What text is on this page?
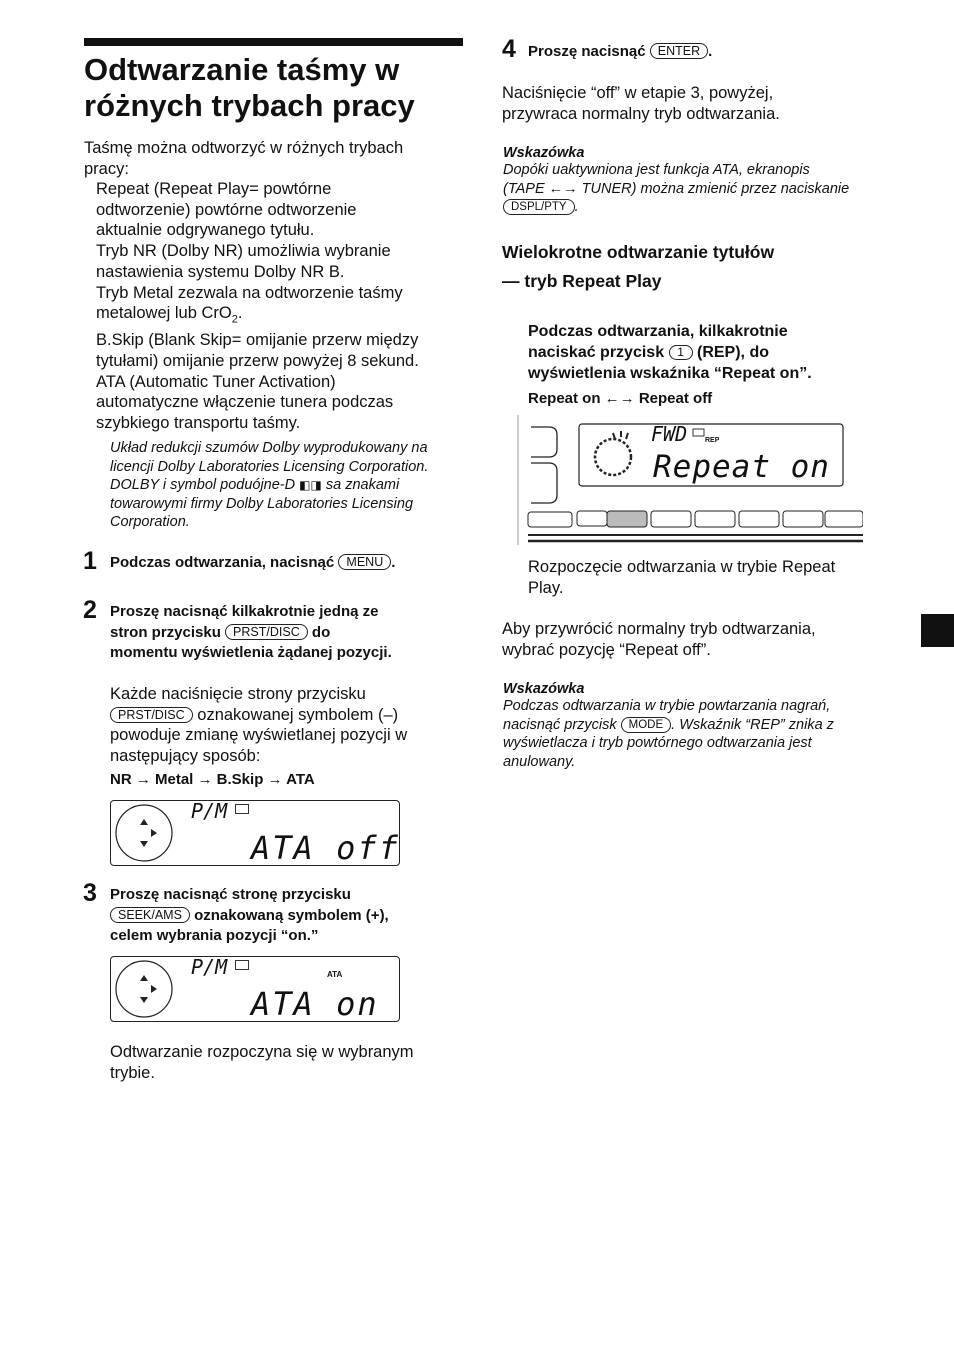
Odtwarzanie taśmy w
różnych trybach pracy
Taśmę można odtworzyć w różnych trybach
pracy:
Repeat (Repeat Play= powtórne
odtworzenie) powtórne odtworzenie
aktualnie odgrywanego tytułu.
Tryb NR (Dolby NR) umożliwia wybranie
nastawienia systemu Dolby NR B.
Tryb Metal zezwala na odtworzenie taśmy
metalowej lub CrO$_2$.
B.Skip (Blank Skip= omijanie przerw między
tytułami) omijanie przerw powyżej 8 sekund.
ATA (Automatic Tuner Activation)
automatyczne włączenie tunera podczas
szybkiego transportu taśmy.
Układ redukcji szumów Dolby wyprodukowany na
licencji Dolby Laboratories Licensing Corporation.
DOLBY i symbol poduójne-D ◧◨ sa znakami
towarowymi firmy Dolby Laboratories Licensing
Corporation.
1 Podczas odtwarzania, nacisnąć MENU .
2 Proszę nacisnąć kilkakrotnie jedną ze
stron przycisku PRST/DISC do
momentu wyświetlenia żądanej pozycji.
Każde naciśnięcie strony przycisku
PRST/DISC oznakowanej symbolem (–)
powoduje zmianę wyświetlanej pozycji w
następujący sposób:
NR → Metal → B.Skip → ATA
P/M
ATA off
3 Proszę nacisnąć stronę przycisku
SEEK/AMS oznakowaną symbolem (+),
celem wybrania pozycji “on.”
P/M	ATA
ATA on
Odtwarzanie rozpoczyna się w wybranym
trybie.
4 Proszę nacisnąć ENTER .
Naciśnięcie “off” w etapie 3, powyżej,
przywraca normalny tryb odtwarzania.
Wskazówka
Dopóki uaktywniona jest funkcja ATA, ekranopis
(TAPE ←→ TUNER) można zmienić przez naciskanie
DSPL/PTY .
Wielokrotne odtwarzanie tytułów
— tryb Repeat Play
Podczas odtwarzania, kilkakrotnie
naciskać przycisk 1 (REP), do
wyświetlenia wskaźnika “Repeat on”.
Repeat on ←→ Repeat off
FWD	REP
Repeat on
Rozpoczęcie odtwarzania w trybie Repeat
Play.
Aby przywrócić normalny tryb odtwarzania,
wybrać pozycję “Repeat off”.
Wskazówka
Podczas odtwarzania w trybie powtarzania nagrań,
nacisnąć przycisk MODE . Wskaźnik “REP” znika z
wyświetlacza i tryb powtórnego odtwarzania jest
anulowany.
